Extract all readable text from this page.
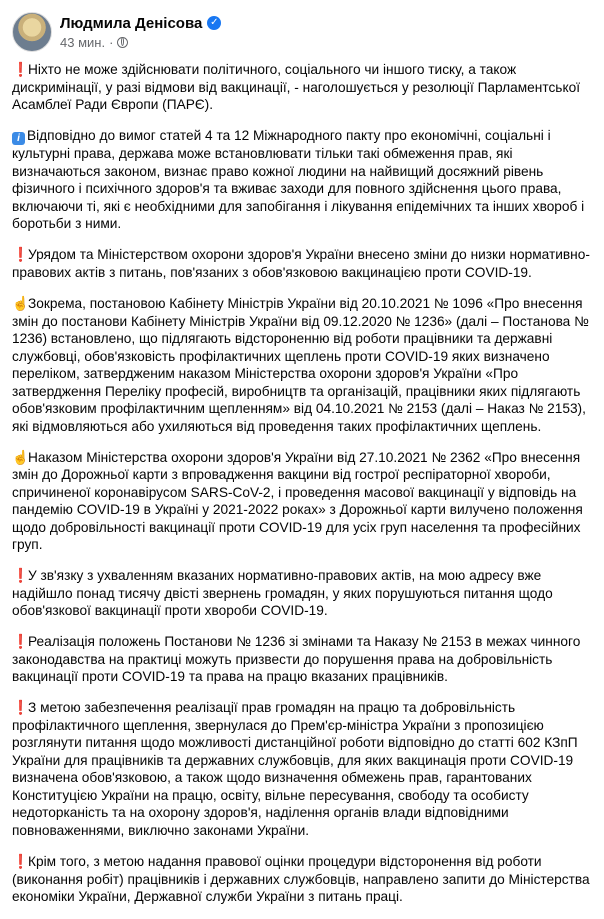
Людмила Денісова ✓
43 мин. ·
❗Ніхто не може здійснювати політичного, соціального чи іншого тиску, а також дискримінації, у разі відмови від вакцинації, - наголошується у резолюції Парламентської Асамблеї Ради Європи (ПАРЄ).
i Відповідно до вимог статей 4 та 12 Міжнародного пакту про економічні, соціальні і культурні права, держава може встановлювати тільки такі обмеження прав, які визначаються законом, визнає право кожної людини на найвищий досяжний рівень фізичного і психічного здоров'я та вживає заходи для повного здійснення цього права, включаючи ті, які є необхідними для запобігання і лікування епідемічних та інших хвороб і боротьби з ними.
❗Урядом та Міністерством охорони здоров'я України внесено зміни до низки нормативно-правових актів з питань, пов'язаних з обов'язковою вакцинацією проти COVID-19.
☝Зокрема, постановою Кабінету Міністрів України від 20.10.2021 № 1096 «Про внесення змін до постанови Кабінету Міністрів України від 09.12.2020 № 1236» (далі – Постанова № 1236) встановлено, що підлягають відстороненню від роботи працівники та державні службовці, обов'язковість профілактичних щеплень проти COVID-19 яких визначено переліком, затвердженим наказом Міністерства охорони здоров'я України «Про затвердження Переліку професій, виробництв та організацій, працівники яких підлягають обов'язковим профілактичним щепленням» від 04.10.2021 № 2153 (далі – Наказ № 2153), які відмовляються або ухиляються від проведення таких профілактичних щеплень.
☝Наказом Міністерства охорони здоров'я України від 27.10.2021 № 2362 «Про внесення змін до Дорожньої карти з впровадження вакцини від гострої респіраторної хвороби, спричиненої коронавірусом SARS-CoV-2, і проведення масової вакцинації у відповідь на пандемію COVID-19 в Україні у 2021-2022 роках» з Дорожньої карти вилучено положення щодо добровільності вакцинації проти COVID-19 для усіх груп населення та професійних груп.
❗У зв'язку з ухваленням вказаних нормативно-правових актів, на мою адресу вже надійшло понад тисячу двісті звернень громадян, у яких порушуються питання щодо обов'язкової вакцинації проти хвороби COVID-19.
❗Реалізація положень Постанови № 1236 зі змінами та Наказу № 2153 в межах чинного законодавства на практиці можуть призвести до порушення права на добровільність вакцинації проти COVID-19 та права на працю вказаних працівників.
❗З метою забезпечення реалізації прав громадян на працю та добровільність профілактичного щеплення, звернулася до Прем'єр-міністра України з пропозицією розглянути питання щодо можливості дистанційної роботи відповідно до статті 602 КЗпП України для працівників та державних службовців, для яких вакцинація проти COVID-19 визначена обов'язковою, а також щодо визначення обмежень прав, гарантованих Конституцією України на працю, освіту, вільне пересування, свободу та особисту недоторканість та на охорону здоров'я, наділення органів влади відповідними повноваженнями, виключно законами України.
❗Крім того, з метою надання правової оцінки процедури відсторонення від роботи (виконання робіт) працівників і державних службовців, направлено запити до Міністерства економіки України, Державної служби України з питань праці.
